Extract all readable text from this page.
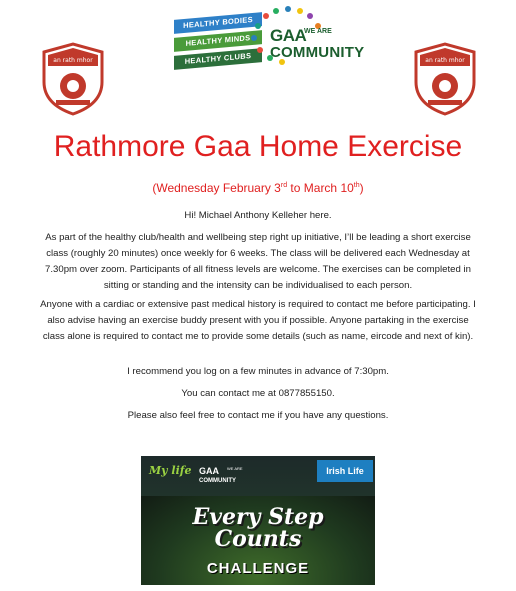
an rath mhor	an rath mhor
HEALTHY BODIES
HEALTHY MINDS
HEALTHY CLUBS
GAA
WE ARE
COMMUNITY
Rathmore Gaa Home Exercise
(Wednesday February 3rd to March 10th)
Hi! Michael Anthony Kelleher here.
As part of the healthy club/health and wellbeing step right up initiative, I’ll be leading a short exercise class (roughly 20 minutes) once weekly for 6 weeks. The class will be delivered each Wednesday at 7.30pm over zoom. Participants of all fitness levels are welcome. The exercises can be completed in sitting or standing and the intensity can be individualised to each person.
Anyone with a cardiac or extensive past medical history is required to contact me before participating. I also advise having an exercise buddy present with you if possible. Anyone partaking in the exercise class alone is required to contact me to provide some details (such as name, eircode and next of kin).
I recommend you log on a few minutes in advance of 7:30pm.
You can contact me at 0877855150.
Please also feel free to contact me if you have any questions.
My life GAA WE ARE
COMMUNITY
Irish Life
Every Step
Counts
CHALLENGE
